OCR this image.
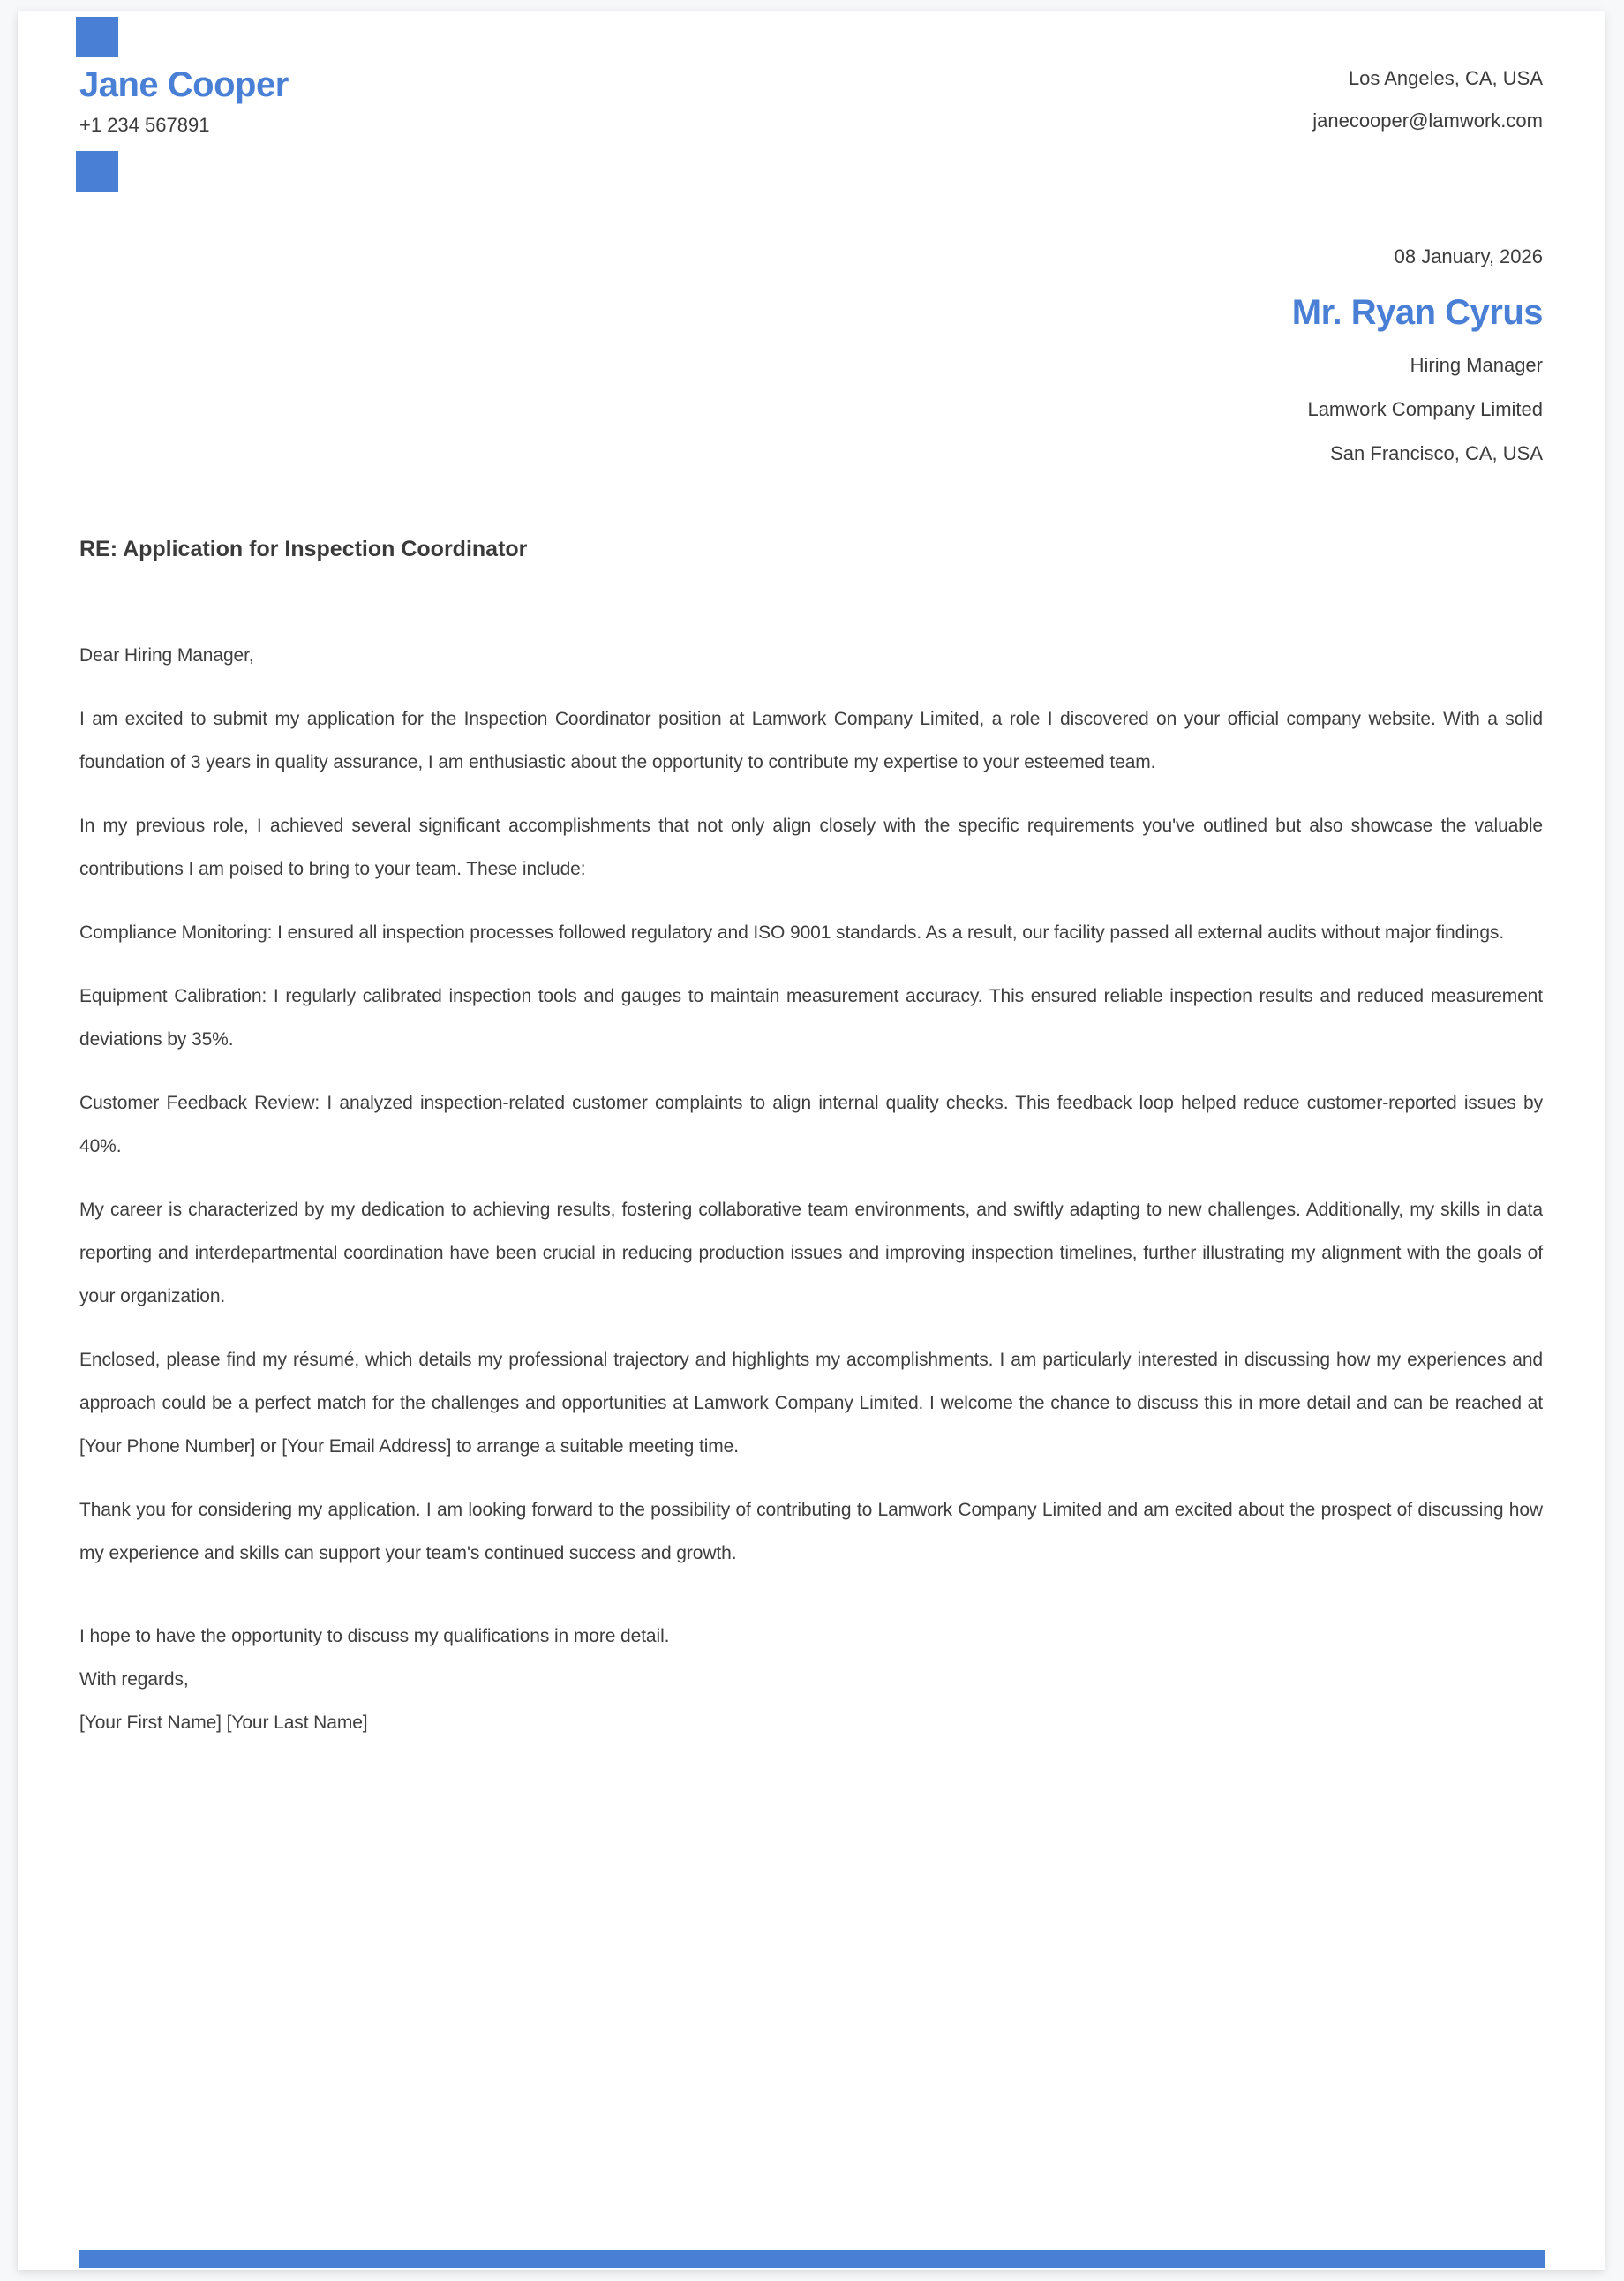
Jane Cooper
+1 234 567891
Los Angeles, CA, USA
janecooper@lamwork.com
08 January, 2026
Mr. Ryan Cyrus
Hiring Manager
Lamwork Company Limited
San Francisco, CA, USA
RE: Application for Inspection Coordinator

Dear Hiring Manager,

I am excited to submit my application for the Inspection Coordinator position at Lamwork Company Limited, a role I discovered on your official company website. With a solid foundation of 3 years in quality assurance, I am enthusiastic about the opportunity to contribute my expertise to your esteemed team.

In my previous role, I achieved several significant accomplishments that not only align closely with the specific requirements you've outlined but also showcase the valuable contributions I am poised to bring to your team. These include:

Compliance Monitoring: I ensured all inspection processes followed regulatory and ISO 9001 standards. As a result, our facility passed all external audits without major findings.

Equipment Calibration: I regularly calibrated inspection tools and gauges to maintain measurement accuracy. This ensured reliable inspection results and reduced measurement deviations by 35%.

Customer Feedback Review: I analyzed inspection-related customer complaints to align internal quality checks. This feedback loop helped reduce customer-reported issues by 40%.

My career is characterized by my dedication to achieving results, fostering collaborative team environments, and swiftly adapting to new challenges. Additionally, my skills in data reporting and interdepartmental coordination have been crucial in reducing production issues and improving inspection timelines, further illustrating my alignment with the goals of your organization.

Enclosed, please find my résumé, which details my professional trajectory and highlights my accomplishments. I am particularly interested in discussing how my experiences and approach could be a perfect match for the challenges and opportunities at Lamwork Company Limited. I welcome the chance to discuss this in more detail and can be reached at [Your Phone Number] or [Your Email Address] to arrange a suitable meeting time.

Thank you for considering my application. I am looking forward to the possibility of contributing to Lamwork Company Limited and am excited about the prospect of discussing how my experience and skills can support your team's continued success and growth.

I hope to have the opportunity to discuss my qualifications in more detail.

With regards,

[Your First Name] [Your Last Name]
